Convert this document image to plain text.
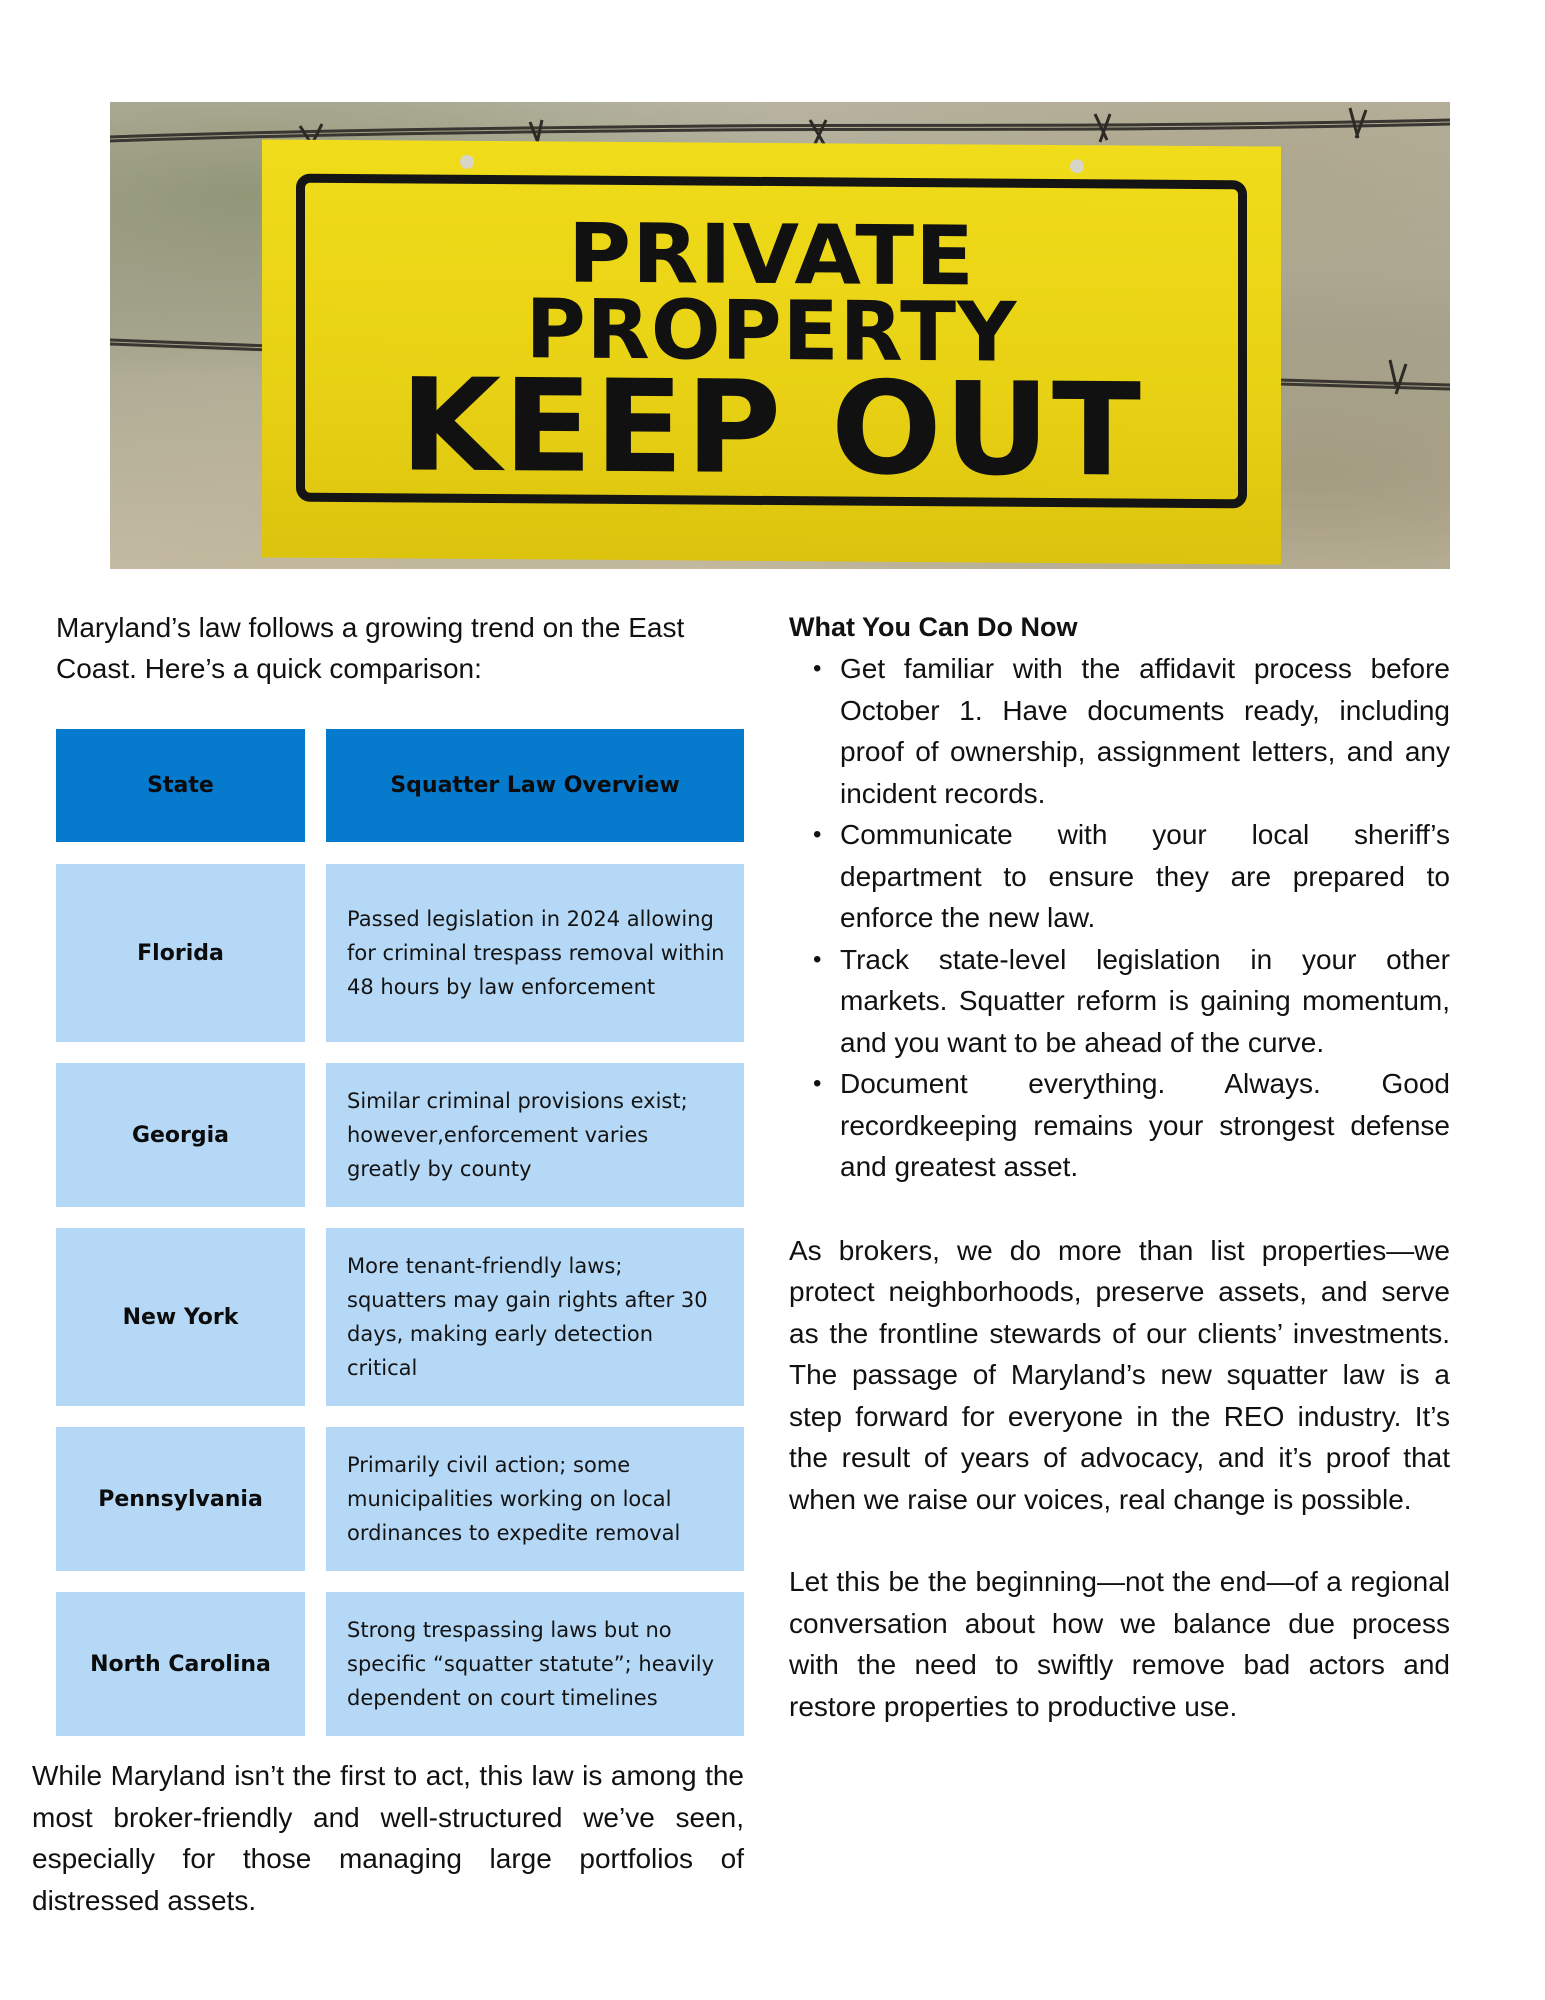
PRIVATE
PROPERTY
KEEP OUT

Maryland’s law follows a growing trend on the East Coast. Here’s a quick comparison:

State	Squatter Law Overview
Florida
Passed legislation in 2024 allowing for criminal trespass removal within 48 hours by law enforcement
Georgia
Similar criminal provisions exist; however,enforcement varies greatly by county
New York
More tenant-friendly laws; squatters may gain rights after 30 days, making early detection critical
Pennsylvania
Primarily civil action; some municipalities working on local ordinances to expedite removal
North Carolina
Strong trespassing laws but no specific “squatter statute”; heavily dependent on court timelines

While Maryland isn’t the first to act, this law is among the most broker-friendly and well-structured we’ve seen, especially for those managing large portfolios of distressed assets.

What You Can Do Now
• Get familiar with the affidavit process before October 1. Have documents ready, including proof of ownership, assignment letters, and any incident records.
• Communicate with your local sheriff’s department to ensure they are prepared to enforce the new law.
• Track state-level legislation in your other markets. Squatter reform is gaining momentum, and you want to be ahead of the curve.
• Document everything. Always. Good recordkeeping remains your strongest defense and greatest asset.

As brokers, we do more than list properties—we protect neighborhoods, preserve assets, and serve as the frontline stewards of our clients’ investments. The passage of Maryland’s new squatter law is a step forward for everyone in the REO industry. It’s the result of years of advocacy, and it’s proof that when we raise our voices, real change is possible.

Let this be the beginning—not the end—of a regional conversation about how we balance due process with the need to swiftly remove bad actors and restore properties to productive use.
